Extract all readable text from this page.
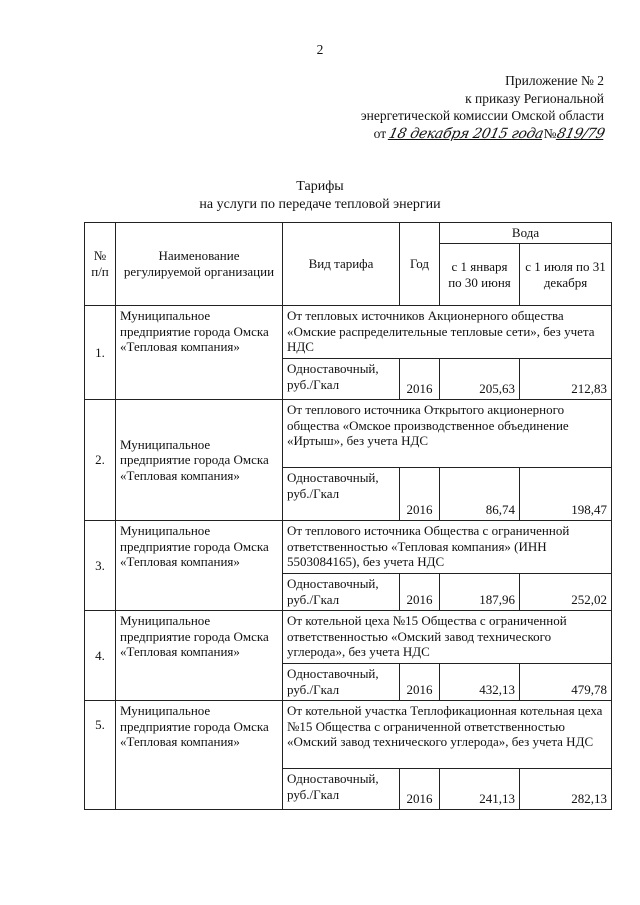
2
Приложение № 2
к приказу Региональной
энергетической комиссии Омской области
от 18 декабря 2015 года№819/79
Тарифы
на услуги по передаче тепловой энергии
№ п/п	Наименование регулируемой организации	Вид тарифа	Год	Вода	
				с 1 января по 30 июня	с 1 июля по 31 декабря
1.	Муниципальное предприятие города Омска «Тепловая компания»	От тепловых источников Акционерного общества «Омские распределительные тепловые сети», без учета НДС			
		Одноставочный, руб./Гкал	2016	205,63	212,83
2.	Муниципальное предприятие города Омска «Тепловая компания»	От теплового источника Открытого акционерного общества «Омское производственное объединение «Иртыш», без учета НДС			
		Одноставочный, руб./Гкал	2016	86,74	198,47
3.	Муниципальное предприятие города Омска «Тепловая компания»	От теплового источника Общества с ограниченной ответственностью «Тепловая компания» (ИНН 5503084165), без учета НДС			
		Одноставочный, руб./Гкал	2016	187,96	252,02
4.	Муниципальное предприятие города Омска «Тепловая компания»	От котельной цеха №15 Общества с ограниченной ответственностью «Омский завод технического углерода», без учета НДС			
		Одноставочный, руб./Гкал	2016	432,13	479,78
5.	Муниципальное предприятие города Омска «Тепловая компания»	От котельной участка Теплофикационная котельная цеха №15 Общества с ограниченной ответственностью «Омский завод технического углерода», без учета НДС			
		Одноставочный, руб./Гкал	2016	241,13	282,13
